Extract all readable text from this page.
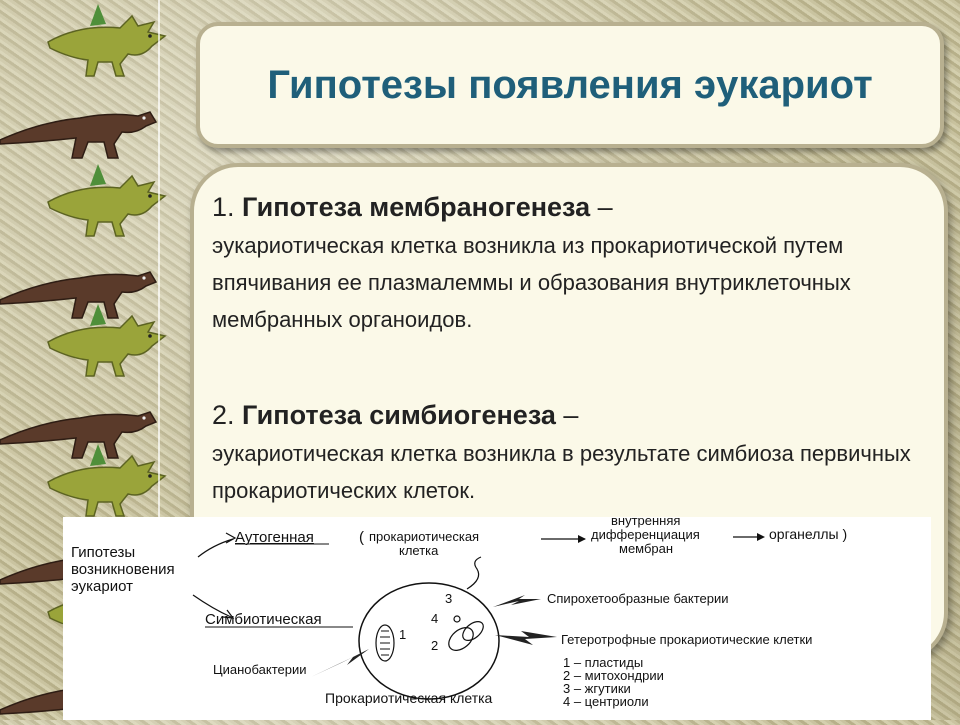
Гипотезы появления эукариот
1. Гипотеза мембраногенеза –
эукариотическая клетка возникла из прокариотической путем впячивания ее плазмалеммы и образования внутриклеточных мембранных органоидов.
2. Гипотеза симбиогенеза –
эукариотическая клетка возникла в результате симбиоза первичных прокариотических клеток.
Гипотезы
возникновения
эукариот
Аутогенная	( прокариотическая
клетка
внутренняя
дифференциация
мембран
органеллы )
Симбиотическая
1
2
3
4
Спирохетообразные бактерии
Гетеротрофные прокариотические клетки
Цианобактерии
Прокариотическая клетка
1 – пластиды
2 – митохондрии
3 – жгутики
4 – центриоли
